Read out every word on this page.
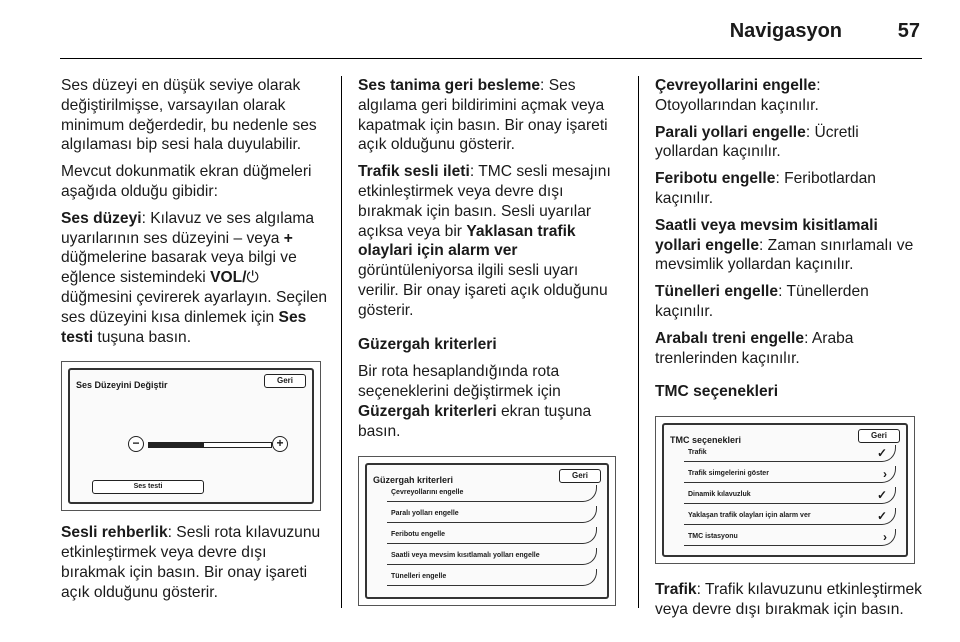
Navigasyon	57

Ses düzeyi en düşük seviye olarak değiştirilmişse, varsayılan olarak minimum değerdedir, bu nedenle ses algılaması bip sesi hala duyulabilir.

Mevcut dokunmatik ekran düğmeleri aşağıda olduğu gibidir:

Ses düzeyi: Kılavuz ve ses algılama uyarılarının ses düzeyini – veya + düğmelerine basarak veya bilgi ve eğlence sistemindeki VOL/⏻ düğmesini çevirerek ayarlayın. Seçilen ses düzeyini kısa dinlemek için Ses testi tuşuna basın.

Ses Düzeyini Değiştir	Geri
−	+
Ses testi

Sesli rehberlik: Sesli rota kılavuzunu etkinleştirmek veya devre dışı bırakmak için basın. Bir onay işareti açık olduğunu gösterir.

Ses tanima geri besleme: Ses algılama geri bildirimini açmak veya kapatmak için basın. Bir onay işareti açık olduğunu gösterir.

Trafik sesli ileti: TMC sesli mesajını etkinleştirmek veya devre dışı bırakmak için basın. Sesli uyarılar açıksa veya bir Yaklasan trafik olaylari için alarm ver görüntüleniyorsa ilgili sesli uyarı verilir. Bir onay işareti açık olduğunu gösterir.

Güzergah kriterleri

Bir rota hesaplandığında rota seçeneklerini değiştirmek için Güzergah kriterleri ekran tuşuna basın.

Güzergah kriterleri	Geri
Çevreyollarını engelle
Paralı yolları engelle
Feribotu engelle
Saatli veya mevsim kısıtlamalı yolları engelle
Tünelleri engelle

Çevreyollarini engelle: Otoyollarından kaçınılır.

Parali yollari engelle: Ücretli yollardan kaçınılır.

Feribotu engelle: Feribotlardan kaçınılır.

Saatli veya mevsim kisitlamali yollari engelle: Zaman sınırlamalı ve mevsimlik yollardan kaçınılır.

Tünelleri engelle: Tünellerden kaçınılır.

Arabalı treni engelle: Araba trenlerinden kaçınılır.

TMC seçenekleri
TMC seçenekleri	Geri
Trafik	✓
Trafik simgelerini göster	›
Dinamik kılavuzluk	✓
Yaklaşan trafik olayları için alarm ver	✓
TMC istasyonu	›

Trafik: Trafik kılavuzunu etkinleştirmek veya devre dışı bırakmak için basın.
